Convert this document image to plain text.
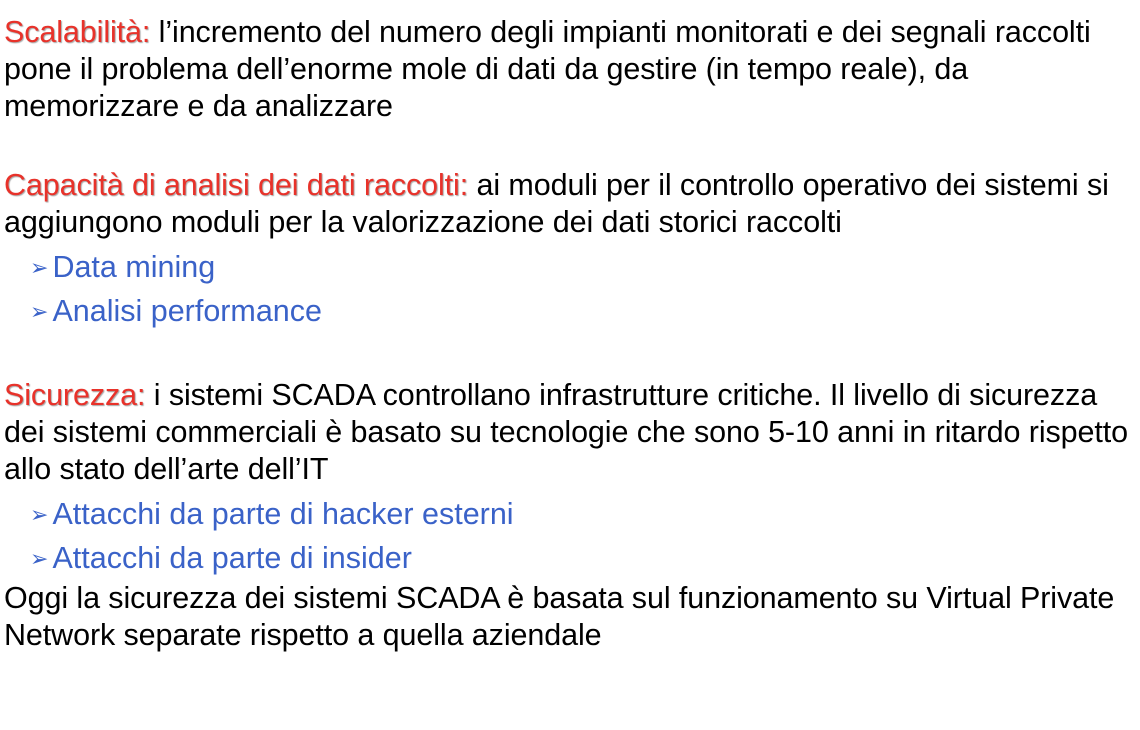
Scalabilità: l’incremento del numero degli impianti monitorati e dei segnali raccolti pone il problema dell’enorme mole di dati da gestire (in tempo reale), da memorizzare e da analizzare

Capacità di analisi dei dati raccolti: ai moduli per il controllo operativo dei sistemi si aggiungono moduli per la valorizzazione dei dati storici raccolti

➢ Data mining
➢ Analisi performance

Sicurezza: i sistemi SCADA controllano infrastrutture critiche. Il livello di sicurezza dei sistemi commerciali è basato su tecnologie che sono 5-10 anni in ritardo rispetto allo stato dell’arte dell’IT

➢ Attacchi da parte di hacker esterni
➢ Attacchi da parte di insider

Oggi la sicurezza dei sistemi SCADA è basata sul funzionamento su Virtual Private Network separate rispetto a quella aziendale
